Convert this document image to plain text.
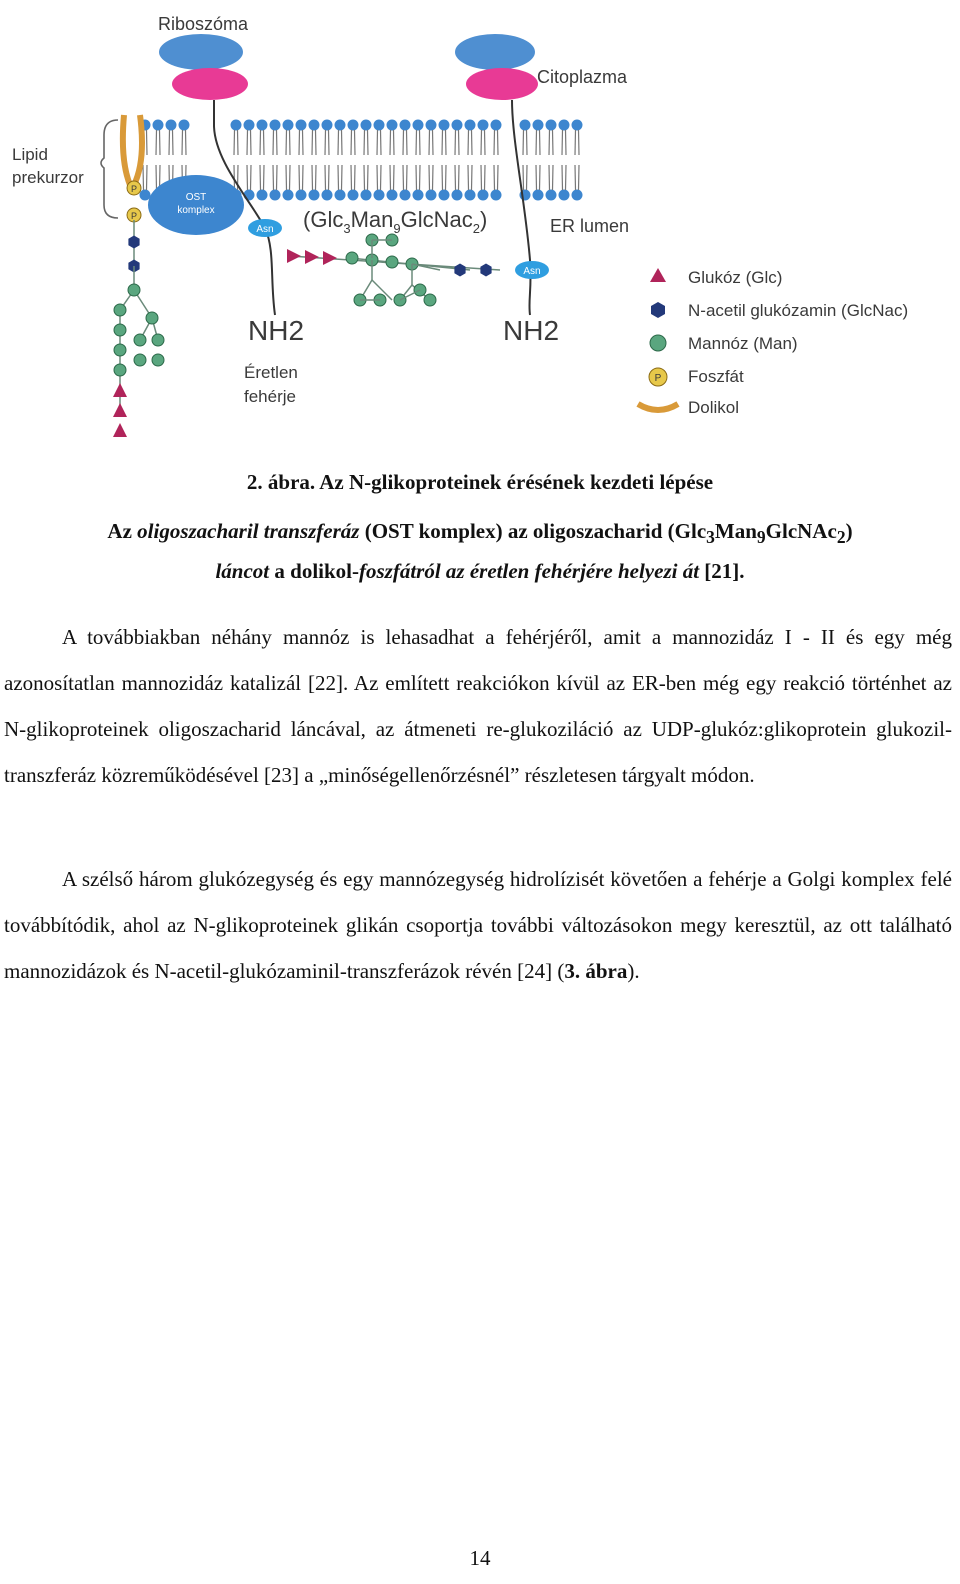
P
P
Lipid
prekurzor
OST
komplex
Asn
Asn
(Glc$_3$Man$_9$GlcNac$_2$)
Riboszóma
Citoplazma
ER lumen
NH2	NH2
Éretlen
fehérje
Glukóz (Glc)
N-acetil glukózamin (GlcNac)
Mannóz (Man)
P Foszfát
Dolikol
2. ábra. Az N-glikoproteinek érésének kezdeti lépése
Az oligoszacharil transzferáz (OST komplex) az oligoszacharid (Glc$_3$Man$_9$GlcNAc$_2$)
láncot a dolikol-foszfátról az éretlen fehérjére helyezi át [21].
A továbbiakban néhány mannóz is lehasadhat a fehérjéről, amit a mannozidáz I - II és egy még azonosítatlan mannozidáz katalizál [22]. Az említett reakciókon kívül az ER-ben még egy reakció történhet az N-glikoproteinek oligoszacharid láncával, az átmeneti re-glukoziláció az UDP-glukóz:glikoprotein glukozil-transzferáz közreműködésével [23] a „minőségellenőrzésnél” részletesen tárgyalt módon.
A szélső három glukózegység és egy mannózegység hidrolízisét követően a fehérje a Golgi komplex felé továbbítódik, ahol az N-glikoproteinek glikán csoportja további változásokon megy keresztül, az ott található mannozidázok és N-acetil-glukózaminil-transzferázok révén [24] (3. ábra).
14
